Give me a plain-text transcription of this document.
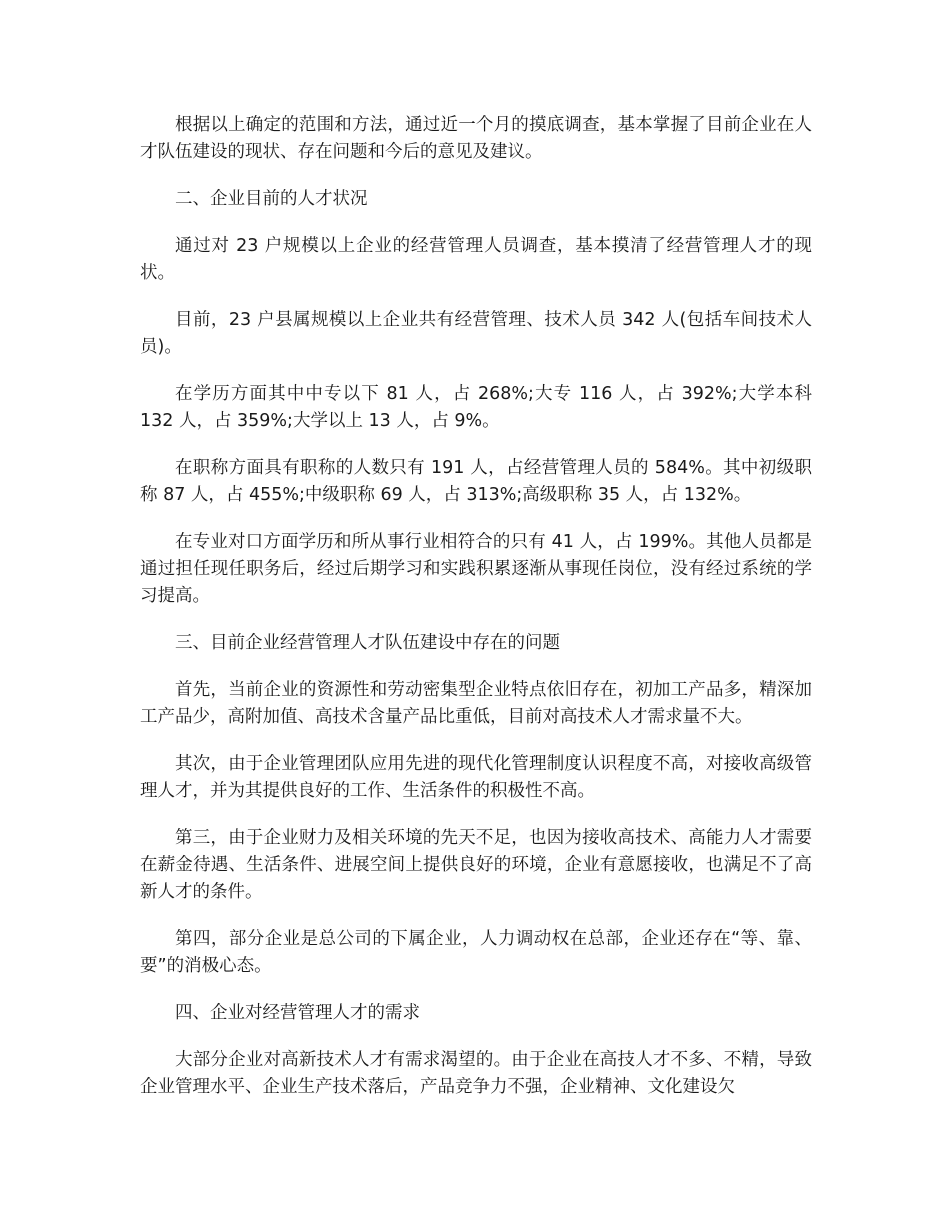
根据以上确定的范围和方法，通过近一个月的摸底调查，基本掌握了目前企业在人才队伍建设的现状、存在问题和今后的意见及建议。

二、企业目前的人才状况

通过对 23 户规模以上企业的经营管理人员调查，基本摸清了经营管理人才的现状。

目前，23 户县属规模以上企业共有经营管理、技术人员 342 人(包括车间技术人员)。

在学历方面其中中专以下 81 人，占 268%;大专 116 人，占 392%;大学本科 132 人，占 359%;大学以上 13 人，占 9%。

在职称方面具有职称的人数只有 191 人，占经营管理人员的 584%。其中初级职称 87 人，占 455%;中级职称 69 人，占 313%;高级职称 35 人，占 132%。

在专业对口方面学历和所从事行业相符合的只有 41 人，占 199%。其他人员都是通过担任现任职务后，经过后期学习和实践积累逐渐从事现任岗位，没有经过系统的学习提高。

三、目前企业经营管理人才队伍建设中存在的问题

首先，当前企业的资源性和劳动密集型企业特点依旧存在，初加工产品多，精深加工产品少，高附加值、高技术含量产品比重低，目前对高技术人才需求量不大。

其次，由于企业管理团队应用先进的现代化管理制度认识程度不高，对接收高级管理人才，并为其提供良好的工作、生活条件的积极性不高。

第三，由于企业财力及相关环境的先天不足，也因为接收高技术、高能力人才需要在薪金待遇、生活条件、进展空间上提供良好的环境，企业有意愿接收，也满足不了高新人才的条件。

第四，部分企业是总公司的下属企业，人力调动权在总部，企业还存在“等、靠、要”的消极心态。

四、企业对经营管理人才的需求

大部分企业对高新技术人才有需求渴望的。由于企业在高技人才不多、不精，导致企业管理水平、企业生产技术落后，产品竞争力不强，企业精神、文化建设欠
